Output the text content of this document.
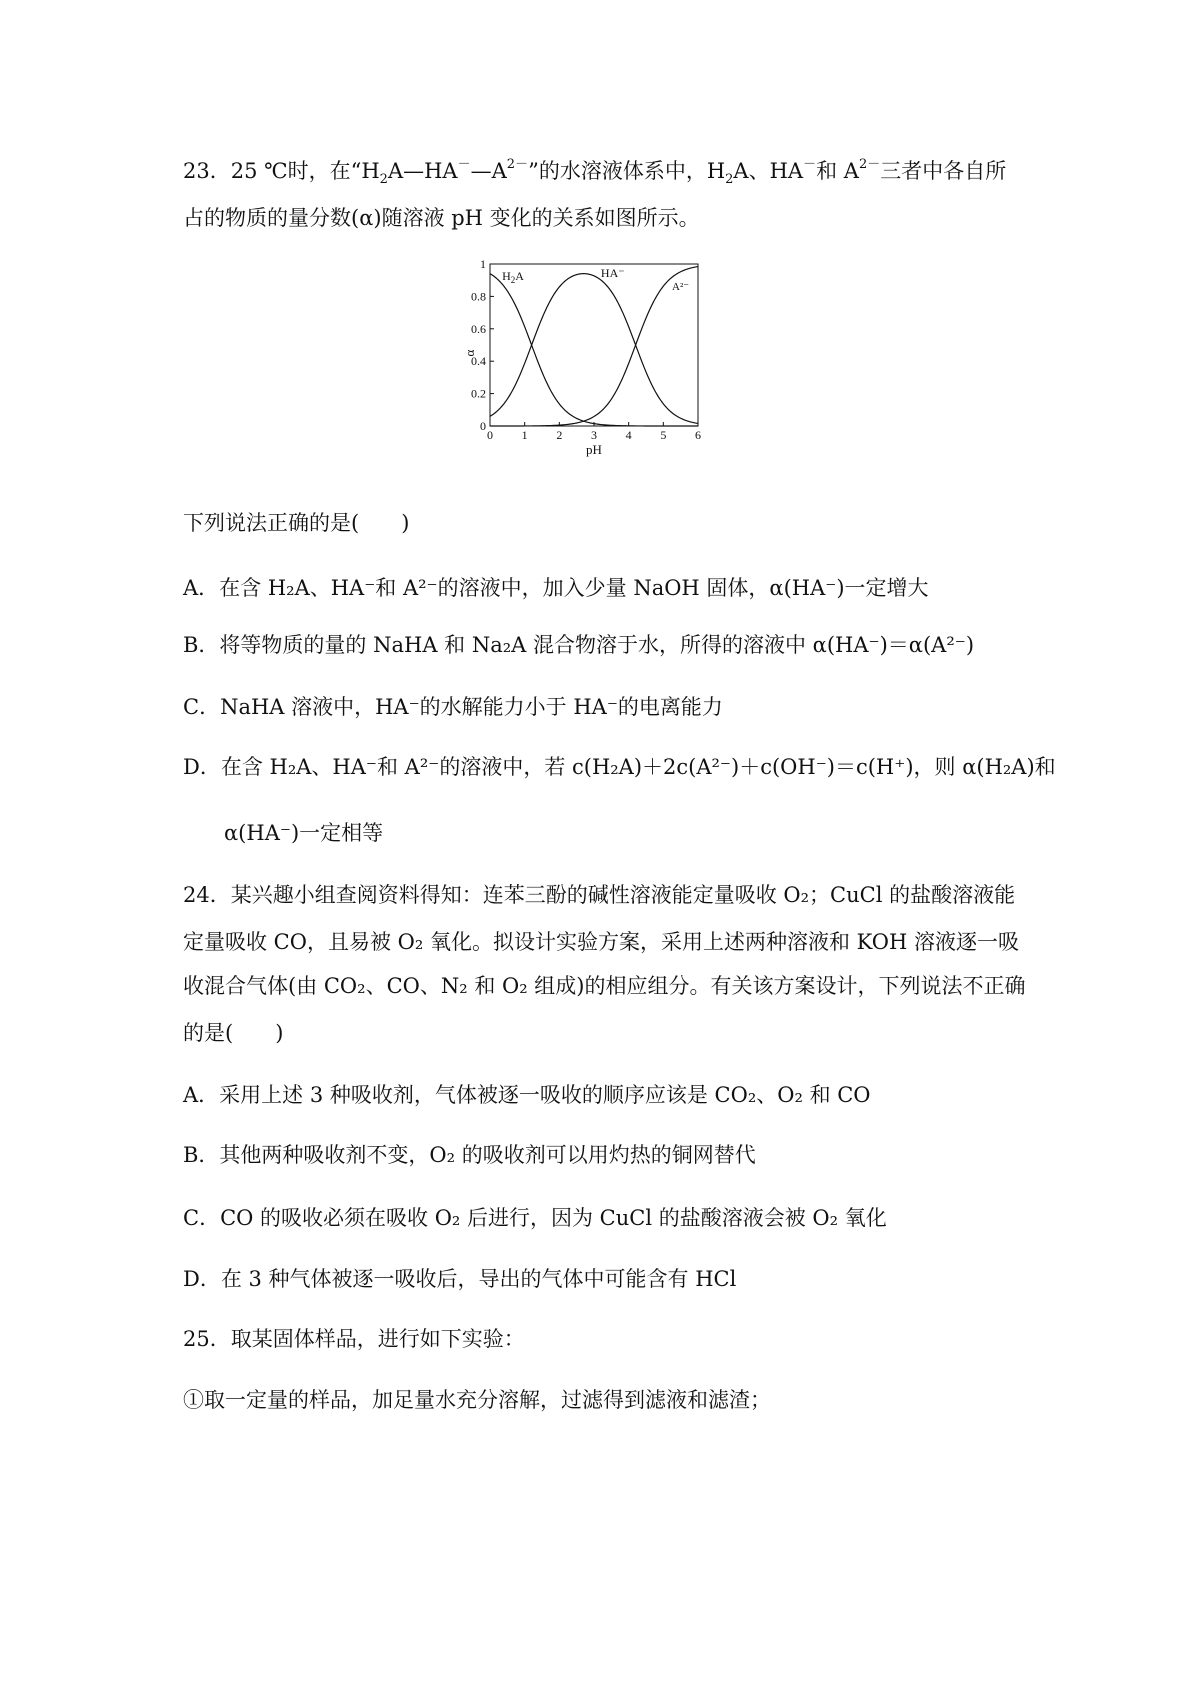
23．25 ℃时，在“$H_2A—HA^-—A^{2-}$”的水溶液体系中，$H_2A$、HA－和 $A^{2-}$三者中各自所
占的物质的量分数(α)随溶液 pH 变化的关系如图所示。
0
0.2
0.4
0.6
0.8
1
0 1 2 3 4 5 6
pH
α
$H_2A$	HA⁻
A²⁻
下列说法正确的是(　　)
A．在含 H₂A、HA⁻和 A²⁻的溶液中，加入少量 NaOH 固体，α(HA⁻)一定增大
B．将等物质的量的 NaHA 和 Na₂A 混合物溶于水，所得的溶液中 α(HA⁻)＝α(A²⁻)
C．NaHA 溶液中，HA⁻的水解能力小于 HA⁻的电离能力
D．在含 H₂A、HA⁻和 A²⁻的溶液中，若 c(H₂A)＋2c(A²⁻)＋c(OH⁻)＝c(H⁺)，则 α(H₂A)和
α(HA⁻)一定相等
24．某兴趣小组查阅资料得知：连苯三酚的碱性溶液能定量吸收 O₂；CuCl 的盐酸溶液能
定量吸收 CO，且易被 O₂ 氧化。拟设计实验方案，采用上述两种溶液和 KOH 溶液逐一吸
收混合气体(由 CO₂、CO、N₂ 和 O₂ 组成)的相应组分。有关该方案设计，下列说法不正确
的是(　　)
A．采用上述 3 种吸收剂，气体被逐一吸收的顺序应该是 CO₂、O₂ 和 CO
B．其他两种吸收剂不变，O₂ 的吸收剂可以用灼热的铜网替代
C．CO 的吸收必须在吸收 O₂ 后进行，因为 CuCl 的盐酸溶液会被 O₂ 氧化
D．在 3 种气体被逐一吸收后，导出的气体中可能含有 HCl
25．取某固体样品，进行如下实验：
①取一定量的样品，加足量水充分溶解，过滤得到滤液和滤渣；
